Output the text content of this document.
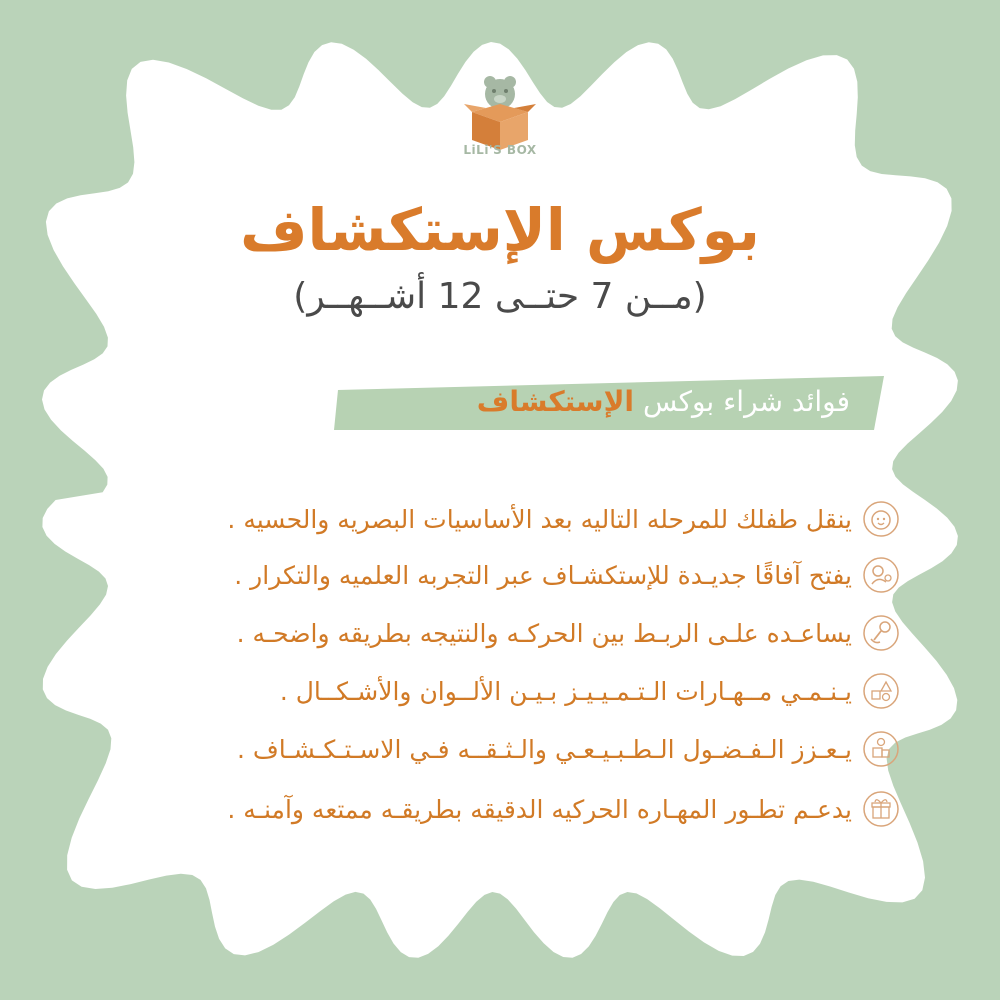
LiLi'S BOX
بوكس الإستكشاف
(مــن 7 حتــى 12 أشــهــر)
فوائد شراء بوكس الإستكشاف
ينقل طفلك للمرحله التاليه بعد الأساسيات البصريه والحسيه .
يفتح آفاقًا جديـدة للإستكشـاف عبر التجربه العلميه والتكرار .
يساعـده علـى الربـط بين الحركـه والنتيجه بطريقه واضحـه .
يـنـمـي مــهـارات الـتـمـيـيـز بـيـن الألــوان والأشـكــال .
يـعـزز الـفـضـول الـطـبـيـعـي والـثـقــه فـي الاسـتـكـشـاف .
يدعـم تطـور المهـاره الحركيه الدقيقه بطريقـه ممتعه وآمنـه .
